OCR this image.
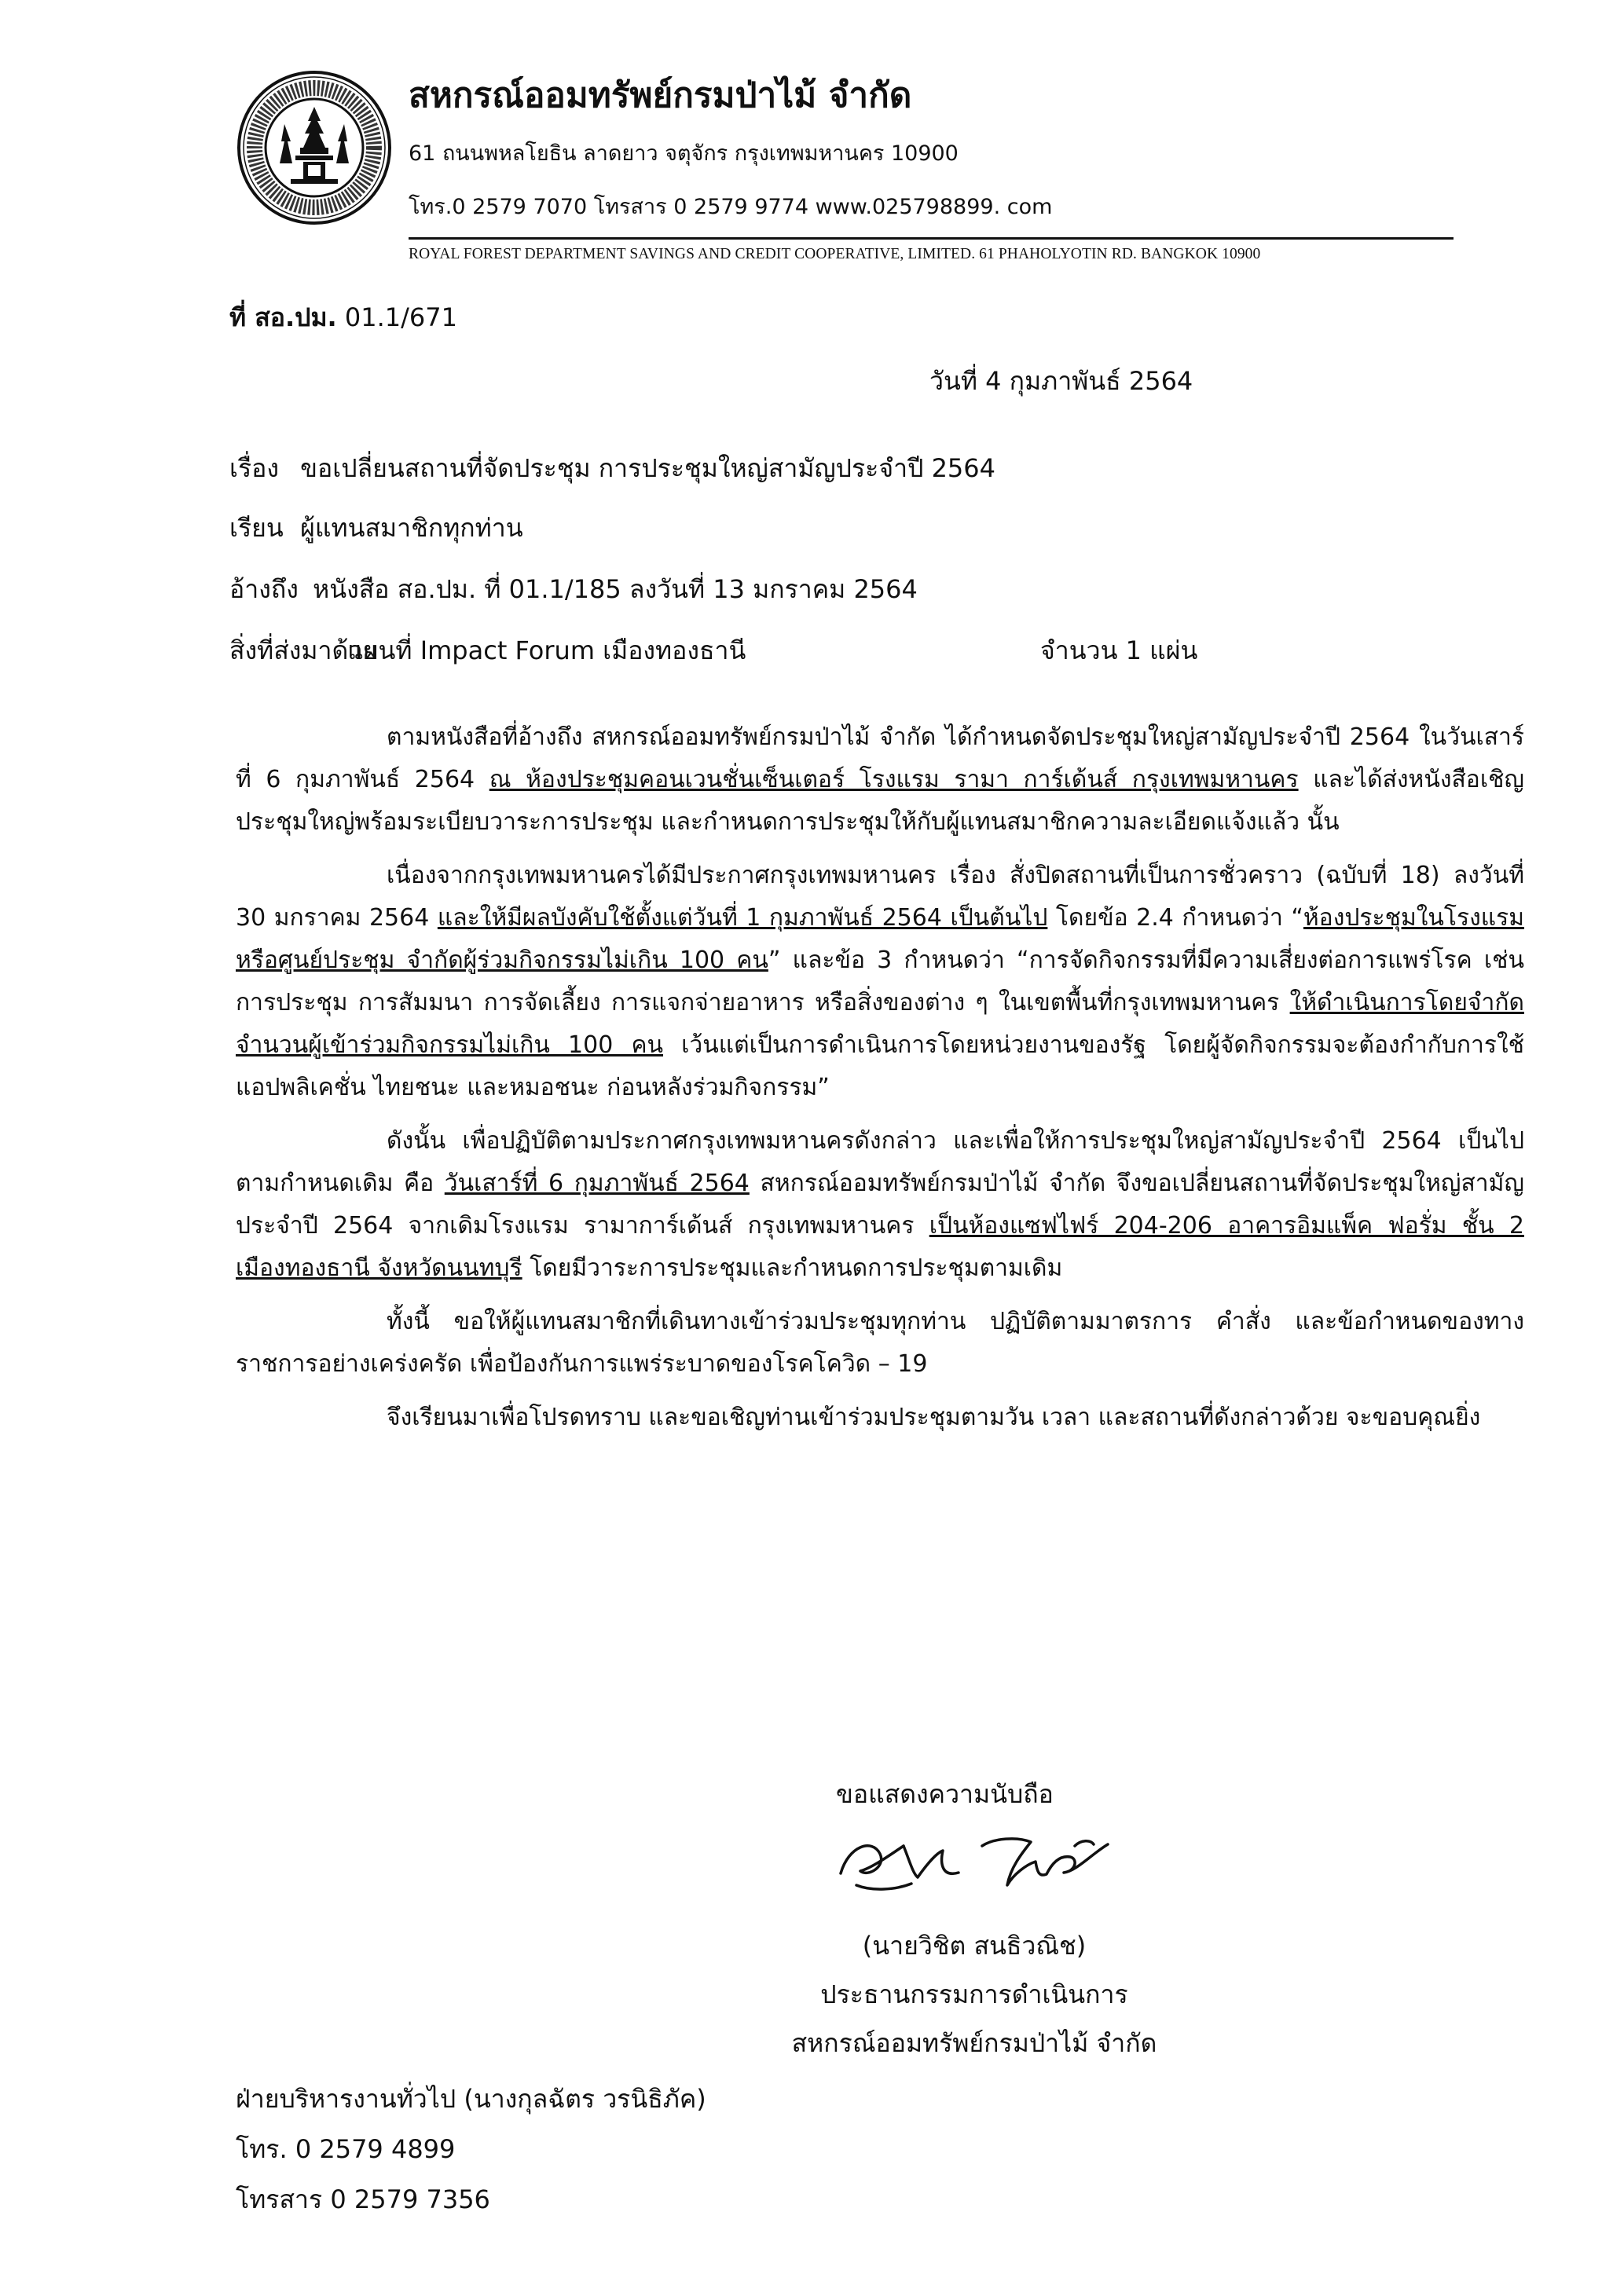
สหกรณ์ออมทรัพย์กรมป่าไม้ จำกัด
61 ถนนพหลโยธิน ลาดยาว จตุจักร กรุงเทพมหานคร 10900
โทร.0 2579 7070 โทรสาร 0 2579 9774 www.025798899. com
ROYAL FOREST DEPARTMENT SAVINGS AND CREDIT COOPERATIVE, LIMITED. 61 PHAHOLYOTIN RD. BANGKOK 10900
ที่ สอ.ปม. 01.1/671
วันที่ 4 กุมภาพันธ์ 2564
เรื่อง ขอเปลี่ยนสถานที่จัดประชุม การประชุมใหญ่สามัญประจำปี 2564
เรียน ผู้แทนสมาชิกทุกท่าน
อ้างถึง หนังสือ สอ.ปม. ที่ 01.1/185 ลงวันที่ 13 มกราคม 2564
สิ่งที่ส่งมาด้วย แผนที่ Impact Forum เมืองทองธานี	จำนวน 1 แผ่น

ตามหนังสือที่อ้างถึง สหกรณ์ออมทรัพย์กรมป่าไม้ จำกัด ได้กำหนดจัดประชุมใหญ่สามัญประจำปี 2564 ในวันเสาร์ที่ 6 กุมภาพันธ์ 2564 ณ ห้องประชุมคอนเวนชั่นเซ็นเตอร์ โรงแรม รามา การ์เด้นส์ กรุงเทพมหานคร และได้ส่งหนังสือเชิญประชุมใหญ่พร้อมระเบียบวาระการประชุม และกำหนดการประชุมให้กับผู้แทนสมาชิกความละเอียดแจ้งแล้ว นั้น

เนื่องจากกรุงเทพมหานครได้มีประกาศกรุงเทพมหานคร เรื่อง สั่งปิดสถานที่เป็นการชั่วคราว (ฉบับที่ 18) ลงวันที่ 30 มกราคม 2564 และให้มีผลบังคับใช้ตั้งแต่วันที่ 1 กุมภาพันธ์ 2564 เป็นต้นไป โดยข้อ 2.4 กำหนดว่า “ห้องประชุมในโรงแรม หรือศูนย์ประชุม จำกัดผู้ร่วมกิจกรรมไม่เกิน 100 คน” และข้อ 3 กำหนดว่า “การจัดกิจกรรมที่มีความเสี่ยงต่อการแพร่โรค เช่น การประชุม การสัมมนา การจัดเลี้ยง การแจกจ่ายอาหาร หรือสิ่งของต่าง ๆ ในเขตพื้นที่กรุงเทพมหานคร ให้ดำเนินการโดยจำกัดจำนวนผู้เข้าร่วมกิจกรรมไม่เกิน 100 คน เว้นแต่เป็นการดำเนินการโดยหน่วยงานของรัฐ โดยผู้จัดกิจกรรมจะต้องกำกับการใช้แอปพลิเคชั่น ไทยชนะ และหมอชนะ ก่อนหลังร่วมกิจกรรม”

ดังนั้น เพื่อปฏิบัติตามประกาศกรุงเทพมหานครดังกล่าว และเพื่อให้การประชุมใหญ่สามัญประจำปี 2564 เป็นไปตามกำหนดเดิม คือ วันเสาร์ที่ 6 กุมภาพันธ์ 2564 สหกรณ์ออมทรัพย์กรมป่าไม้ จำกัด จึงขอเปลี่ยนสถานที่จัดประชุมใหญ่สามัญประจำปี 2564 จากเดิมโรงแรม รามาการ์เด้นส์ กรุงเทพมหานคร เป็นห้องแซฟไฟร์ 204-206 อาคารอิมแพ็ค ฟอรั่ม ชั้น 2 เมืองทองธานี จังหวัดนนทบุรี โดยมีวาระการประชุมและกำหนดการประชุมตามเดิม

ทั้งนี้ ขอให้ผู้แทนสมาชิกที่เดินทางเข้าร่วมประชุมทุกท่าน ปฏิบัติตามมาตรการ คำสั่ง และข้อกำหนดของทางราชการอย่างเคร่งครัด เพื่อป้องกันการแพร่ระบาดของโรคโควิด – 19

จึงเรียนมาเพื่อโปรดทราบ และขอเชิญท่านเข้าร่วมประชุมตามวัน เวลา และสถานที่ดังกล่าวด้วย จะขอบคุณยิ่ง

ขอแสดงความนับถือ
(นายวิชิต สนธิวณิช)
ประธานกรรมการดำเนินการ
สหกรณ์ออมทรัพย์กรมป่าไม้ จำกัด
ฝ่ายบริหารงานทั่วไป (นางกุลฉัตร วรนิธิภัค)
โทร. 0 2579 4899
โทรสาร 0 2579 7356
